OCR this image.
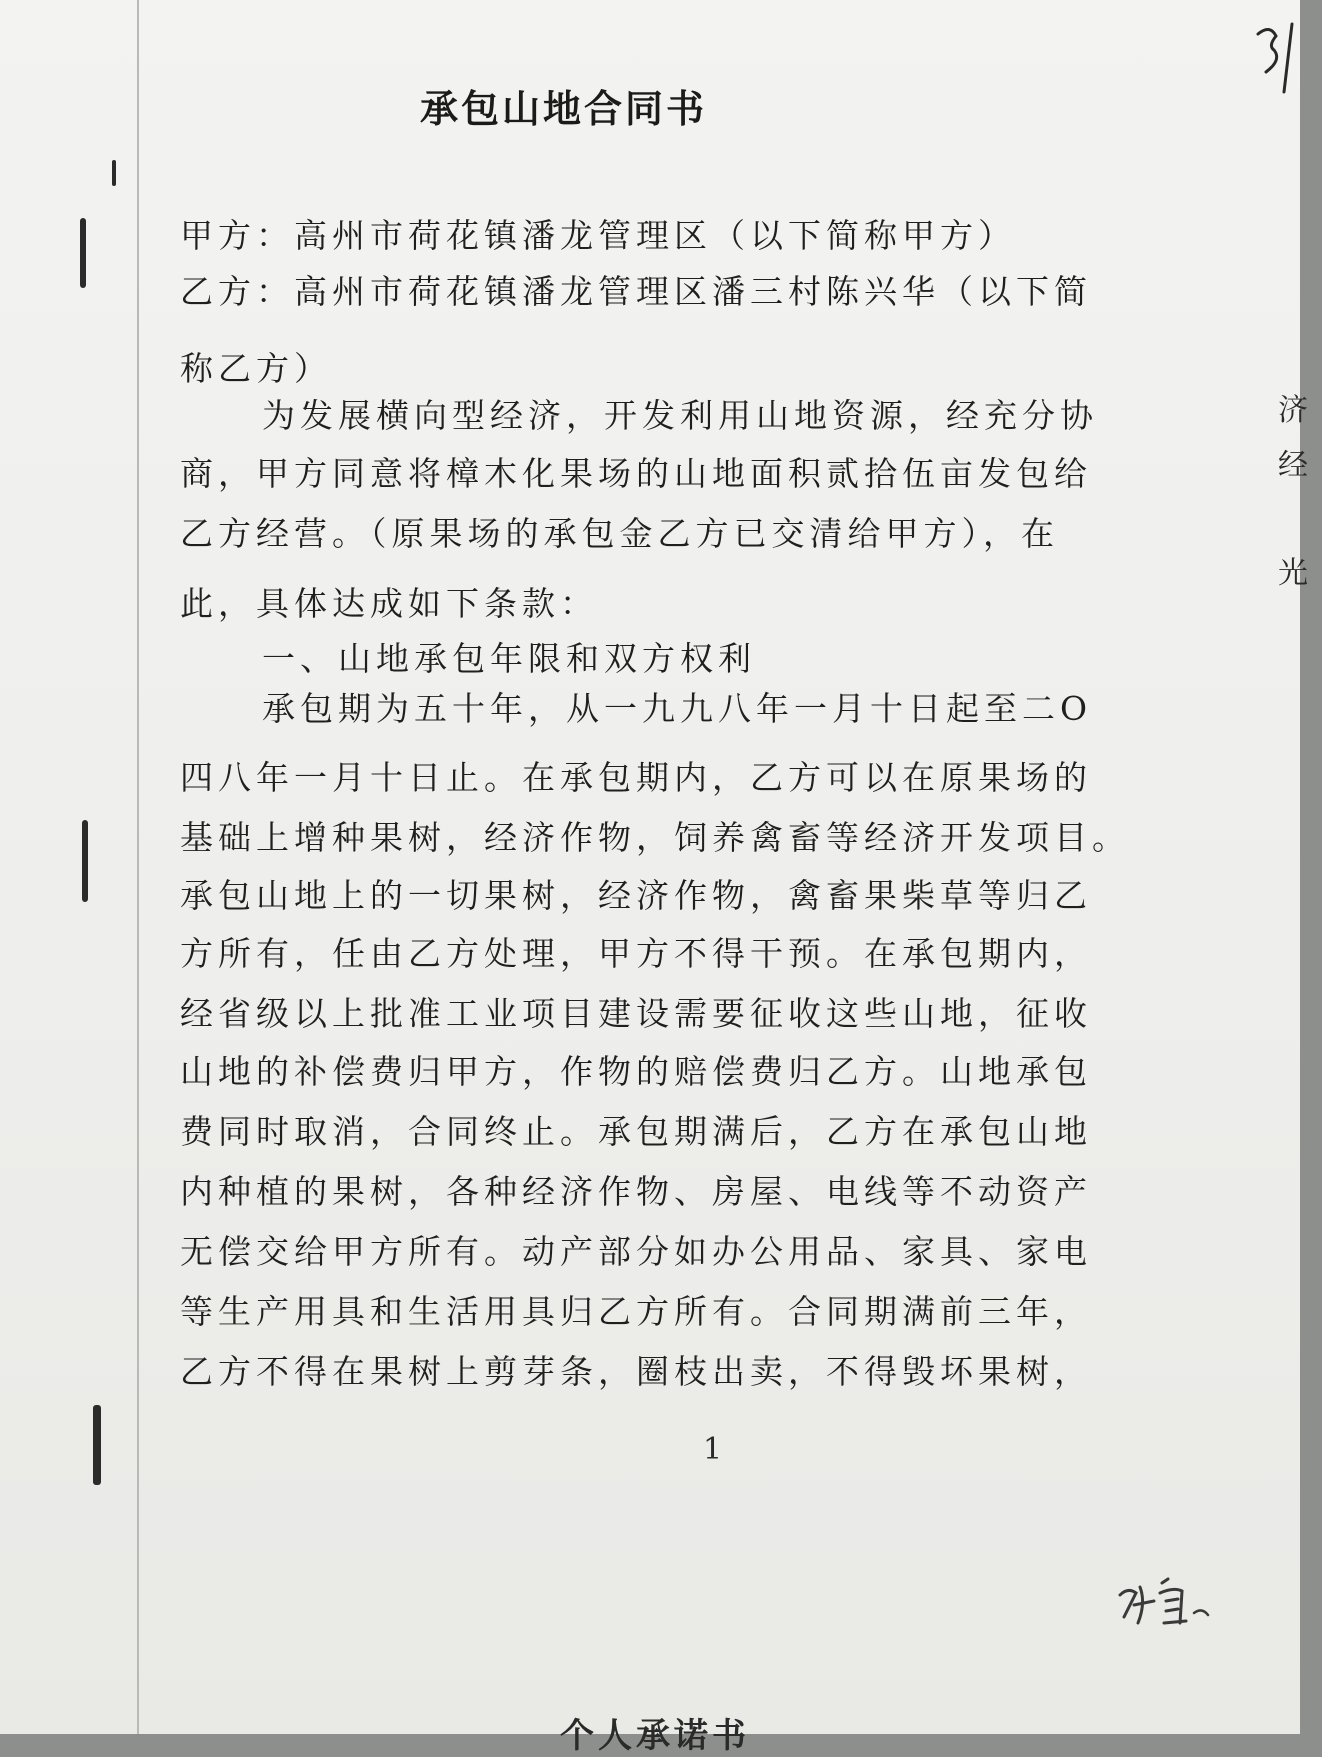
承包山地合同书
甲方：高州市荷花镇潘龙管理区（以下简称甲方）
乙方：高州市荷花镇潘龙管理区潘三村陈兴华（以下简
称乙方）
为发展横向型经济，开发利用山地资源，经充分协
商，甲方同意将樟木化果场的山地面积贰拾伍亩发包给
乙方经营。（原果场的承包金乙方已交清给甲方），在
此，具体达成如下条款：
一、山地承包年限和双方权利
承包期为五十年，从一九九八年一月十日起至二O
四八年一月十日止。在承包期内，乙方可以在原果场的
基础上增种果树，经济作物，饲养禽畜等经济开发项目。
承包山地上的一切果树，经济作物，禽畜果柴草等归乙
方所有，任由乙方处理，甲方不得干预。在承包期内，
经省级以上批准工业项目建设需要征收这些山地，征收
山地的补偿费归甲方，作物的赔偿费归乙方。山地承包
费同时取消，合同终止。承包期满后，乙方在承包山地
内种植的果树，各种经济作物、房屋、电线等不动资产
无偿交给甲方所有。动产部分如办公用品、家具、家电
等生产用具和生活用具归乙方所有。合同期满前三年，
乙方不得在果树上剪芽条，圈枝出卖，不得毁坏果树，
1
济
经
光
个人承诺书
